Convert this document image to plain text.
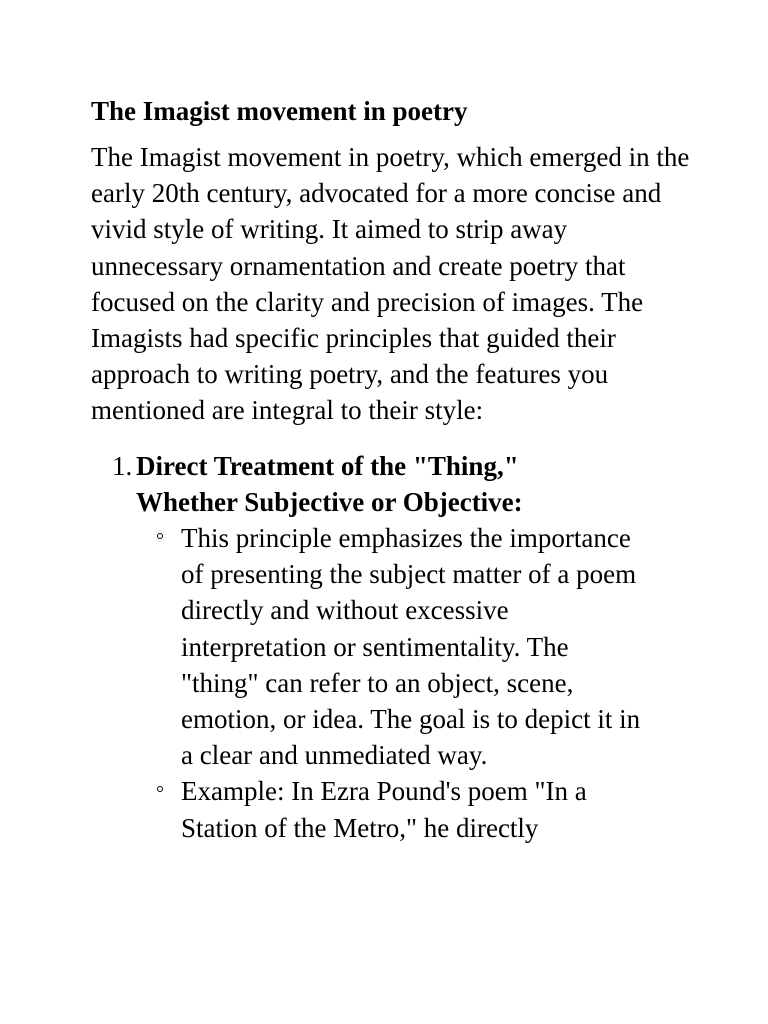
The Imagist movement in poetry
The Imagist movement in poetry, which emerged in the early 20th century, advocated for a more concise and vivid style of writing. It aimed to strip away unnecessary ornamentation and create poetry that focused on the clarity and precision of images. The Imagists had specific principles that guided their approach to writing poetry, and the features you mentioned are integral to their style:
1. Direct Treatment of the "Thing,"
Whether Subjective or Objective:
This principle emphasizes the importance of presenting the subject matter of a poem directly and without excessive interpretation or sentimentality. The "thing" can refer to an object, scene, emotion, or idea. The goal is to depict it in a clear and unmediated way.
Example: In Ezra Pound's poem "In a Station of the Metro," he directly
